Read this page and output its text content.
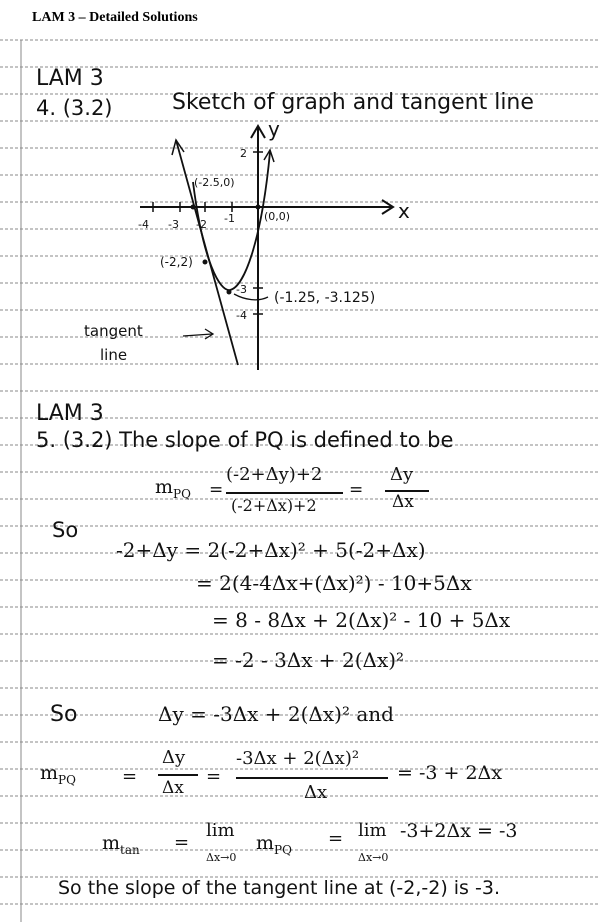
LAM 3 – Detailed Solutions
LAM 3
4. (3.2)	Sketch of graph and tangent line
x
y
-4 -3 -2 -1
2
-3
-4
(-2.5,0)
(0,0)
(-2,2)
(-1.25, -3.125)
tangent
line
LAM 3
5. (3.2) The slope of PQ is defined to be
$m_{PQ}$ =
(-2+Δy)+2
(-2+Δx)+2
=
Δy
Δx
So
-2+Δy = 2(-2+Δx)² + 5(-2+Δx)
= 2(4-4Δx+(Δx)²) - 10+5Δx
= 8 - 8Δx + 2(Δx)² - 10 + 5Δx
= -2 - 3Δx + 2(Δx)²
So	Δy = -3Δx + 2(Δx)² and
$m_{PQ}$	=
Δy
Δx
=
-3Δx + 2(Δx)²
Δx
= -3 + 2Δx
$m_{tan}$ =
lim
Δx→0
$m_{PQ}$
= lim
Δx→0
-3+2Δx = -3
So the slope of the tangent line at (-2,-2) is -3.
